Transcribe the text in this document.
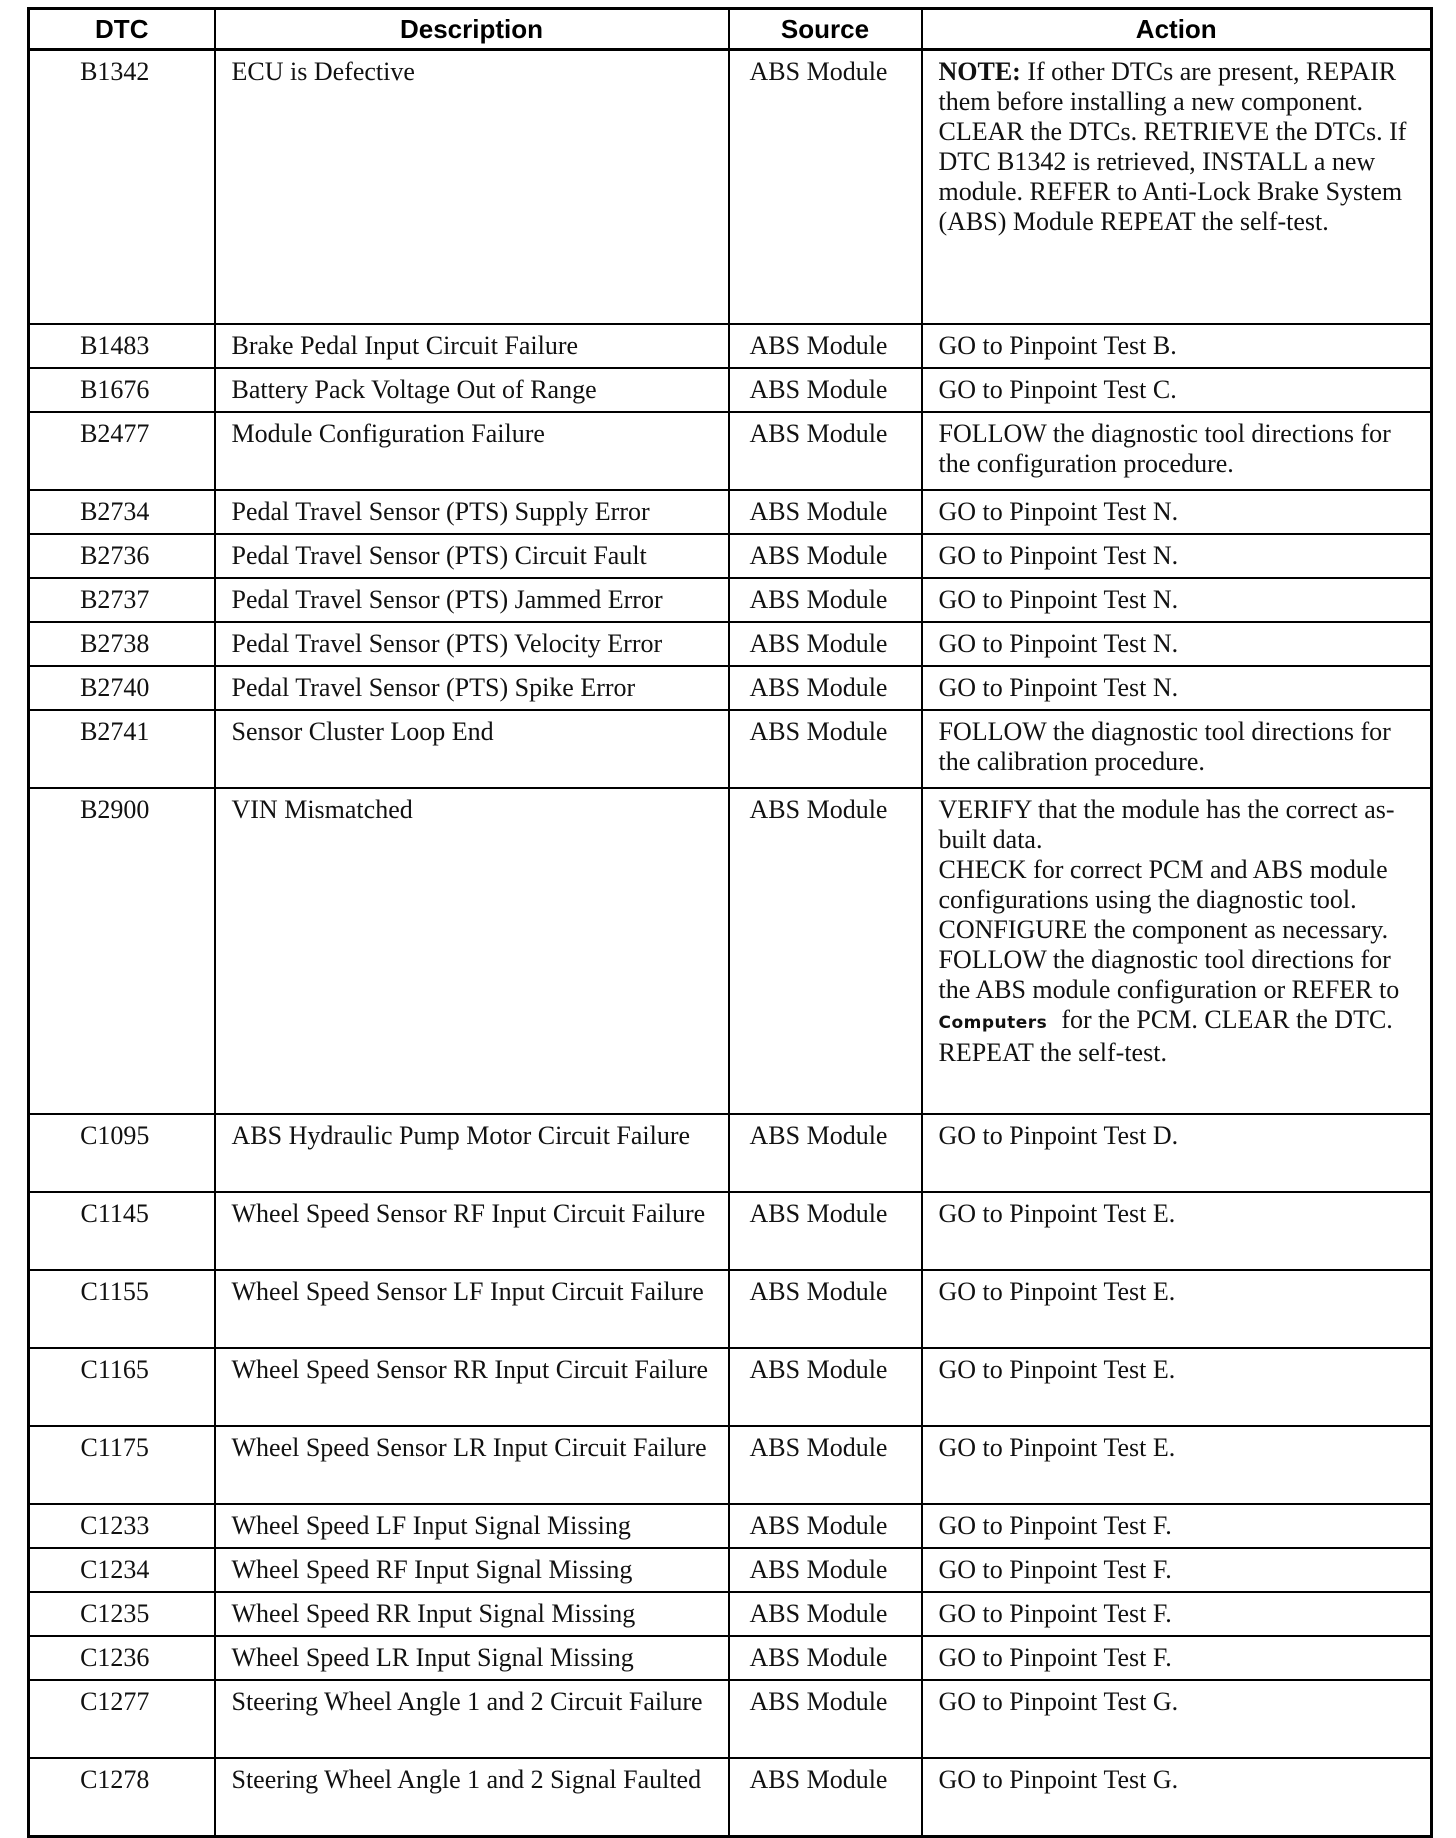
DTC	Description	Source	Action
B1342	ECU is Defective	ABS Module	NOTE: If other DTCs are present, REPAIR them before installing a new component.
CLEAR the DTCs. RETRIEVE the DTCs. If DTC B1342 is retrieved, INSTALL a new module. REFER to Anti-Lock Brake System (ABS) Module REPEAT the self-test.

B1483	Brake Pedal Input Circuit Failure	ABS Module	GO to Pinpoint Test B.
B1676	Battery Pack Voltage Out of Range	ABS Module	GO to Pinpoint Test C.
B2477	Module Configuration Failure	ABS Module	FOLLOW the diagnostic tool directions for the configuration procedure.
B2734	Pedal Travel Sensor (PTS) Supply Error	ABS Module	GO to Pinpoint Test N.
B2736	Pedal Travel Sensor (PTS) Circuit Fault	ABS Module	GO to Pinpoint Test N.
B2737	Pedal Travel Sensor (PTS) Jammed Error	ABS Module	GO to Pinpoint Test N.
B2738	Pedal Travel Sensor (PTS) Velocity Error	ABS Module	GO to Pinpoint Test N.
B2740	Pedal Travel Sensor (PTS) Spike Error	ABS Module	GO to Pinpoint Test N.
B2741	Sensor Cluster Loop End	ABS Module	FOLLOW the diagnostic tool directions for the calibration procedure.
B2900	VIN Mismatched	ABS Module	VERIFY that the module has the correct as-built data.
CHECK for correct PCM and ABS module configurations using the diagnostic tool. CONFIGURE the component as necessary. FOLLOW the diagnostic tool directions for the ABS module configuration or REFER to Computers for the PCM. CLEAR the DTC. REPEAT the self-test.

C1095	ABS Hydraulic Pump Motor Circuit Failure	ABS Module	GO to Pinpoint Test D.
C1145	Wheel Speed Sensor RF Input Circuit Failure	ABS Module	GO to Pinpoint Test E.
C1155	Wheel Speed Sensor LF Input Circuit Failure	ABS Module	GO to Pinpoint Test E.
C1165	Wheel Speed Sensor RR Input Circuit Failure	ABS Module	GO to Pinpoint Test E.
C1175	Wheel Speed Sensor LR Input Circuit Failure	ABS Module	GO to Pinpoint Test E.
C1233	Wheel Speed LF Input Signal Missing	ABS Module	GO to Pinpoint Test F.
C1234	Wheel Speed RF Input Signal Missing	ABS Module	GO to Pinpoint Test F.
C1235	Wheel Speed RR Input Signal Missing	ABS Module	GO to Pinpoint Test F.
C1236	Wheel Speed LR Input Signal Missing	ABS Module	GO to Pinpoint Test F.
C1277	Steering Wheel Angle 1 and 2 Circuit Failure	ABS Module	GO to Pinpoint Test G.
C1278	Steering Wheel Angle 1 and 2 Signal Faulted	ABS Module	GO to Pinpoint Test G.
